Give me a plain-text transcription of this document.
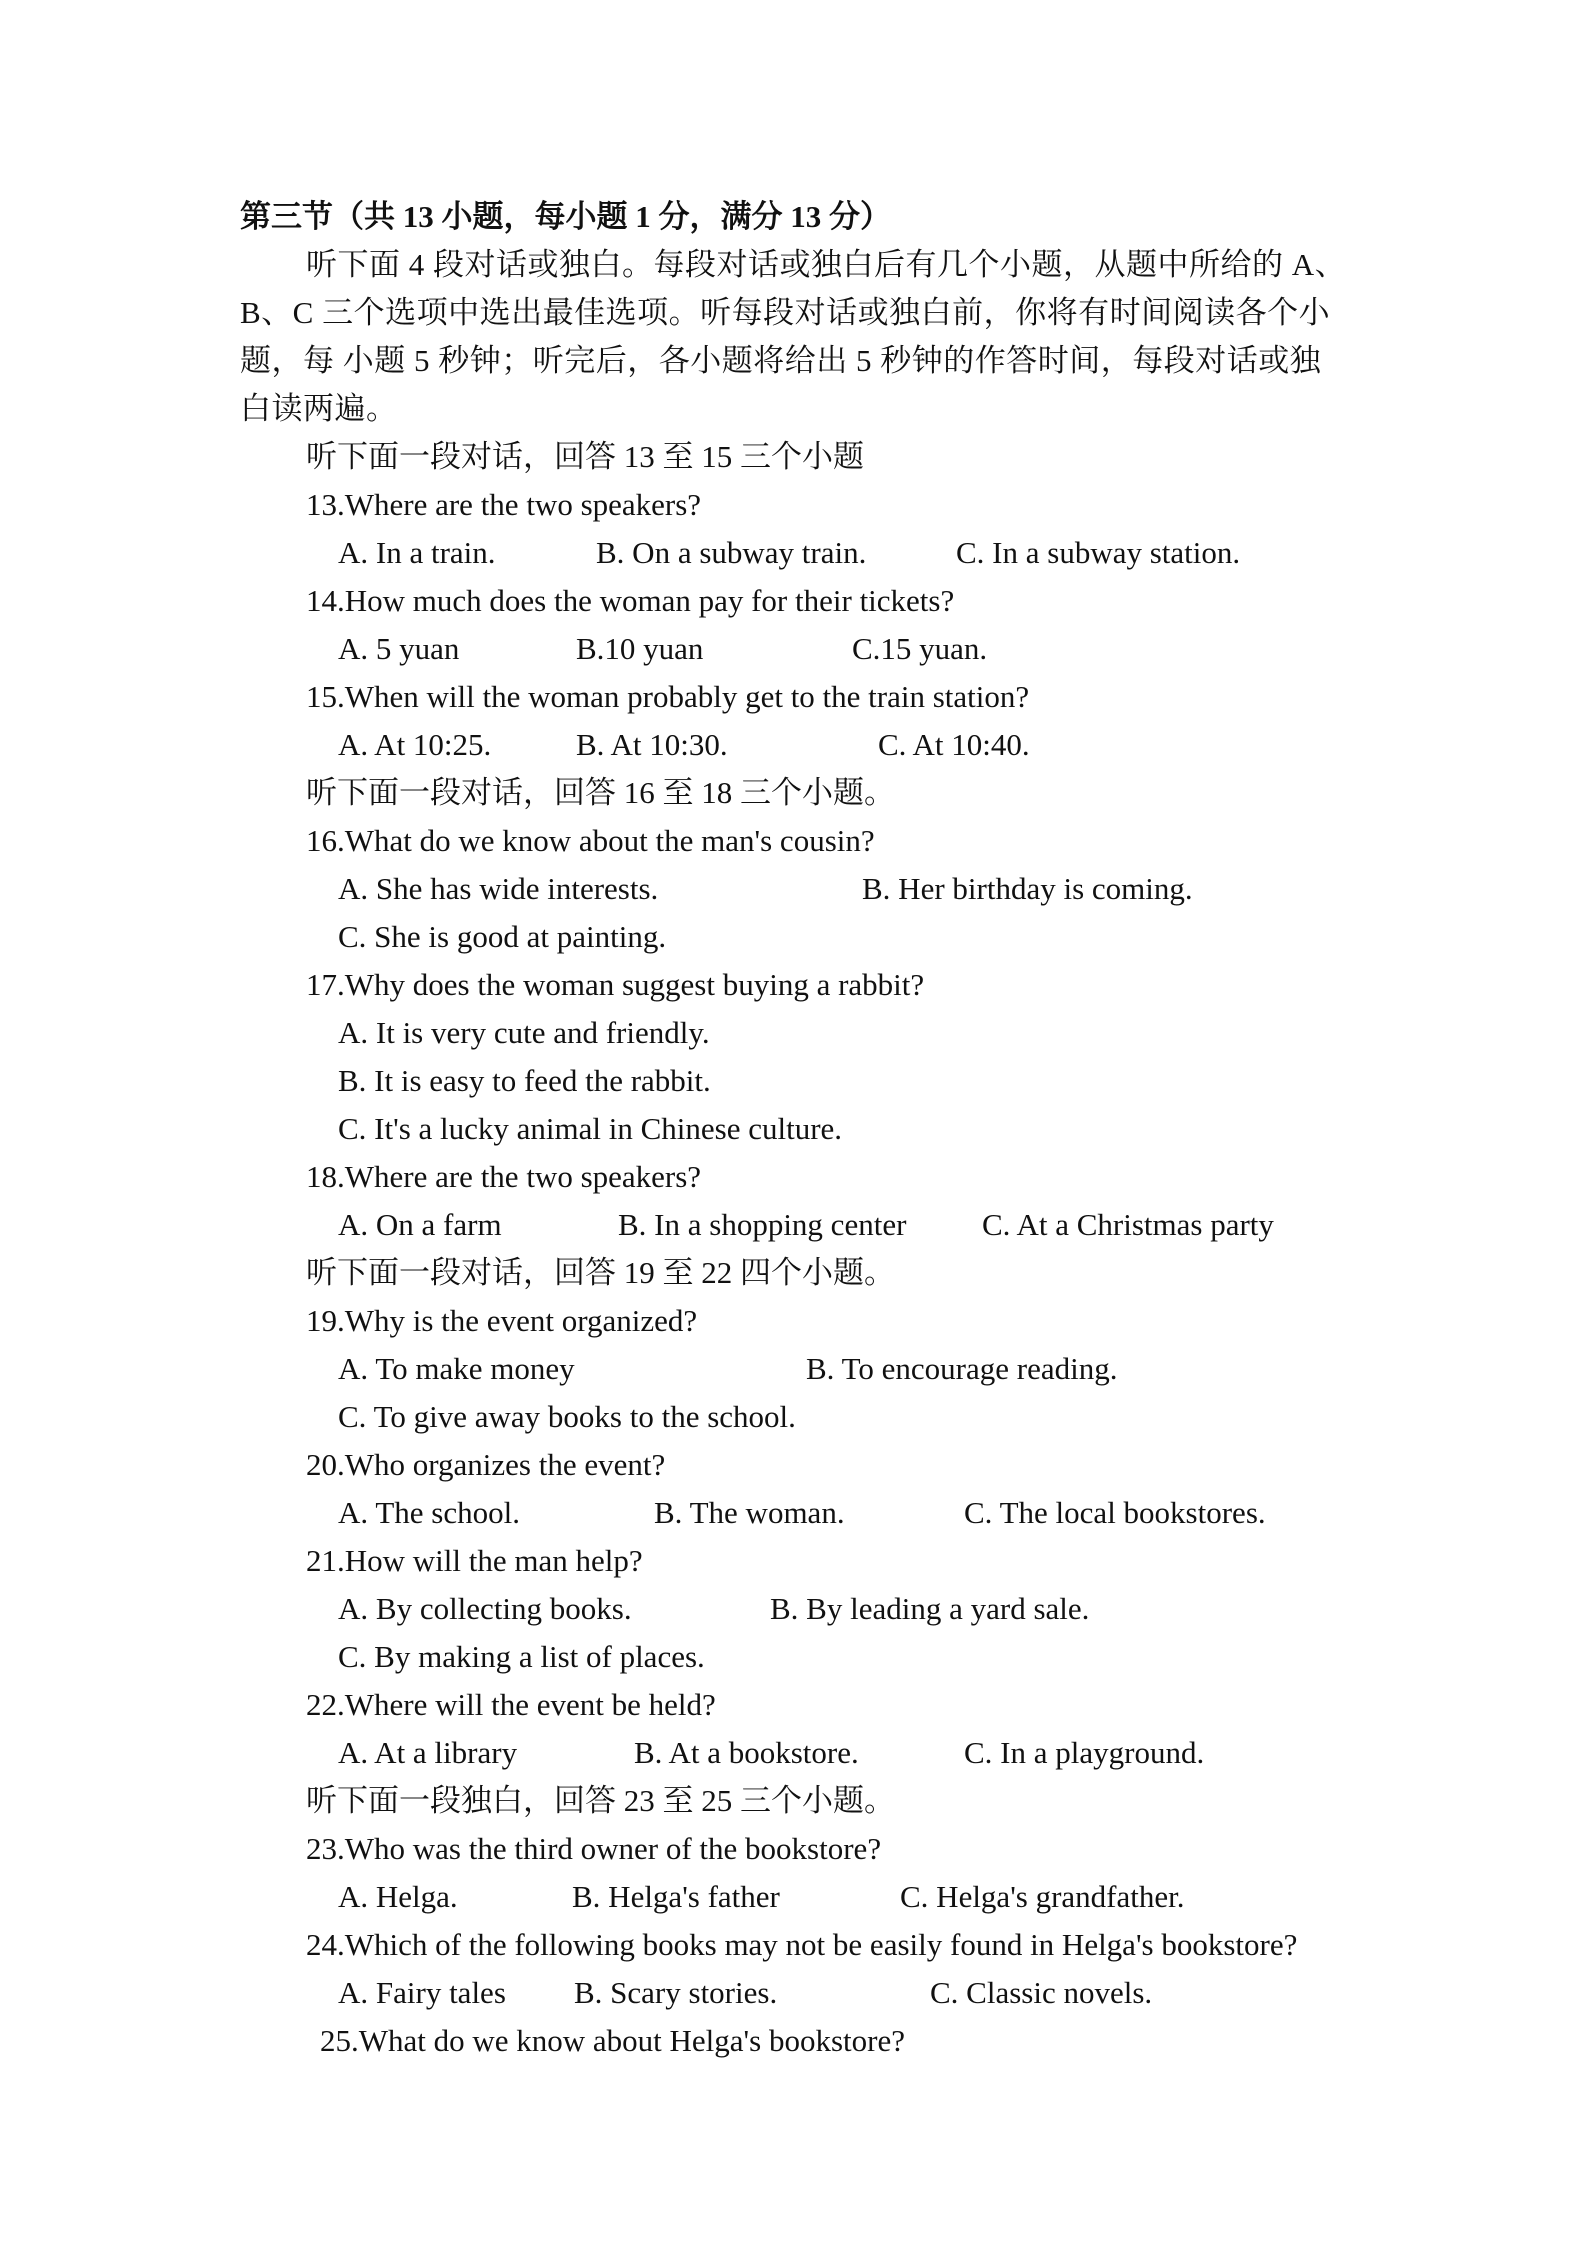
第三节（共 13 小题，每小题 1 分，满分 13 分）
听下面 4 段对话或独白。每段对话或独白后有几个小题，从题中所给的 A、
B、C 三个选项中选出最佳选项。听每段对话或独白前，你将有时间阅读各个小
题，每 小题 5 秒钟；听完后，各小题将给出 5 秒钟的作答时间，每段对话或独
白读两遍。
听下面一段对话，回答 13 至 15 三个小题
13.Where are the two speakers?
A. In a train.	B. On a subway train.	C. In a subway station.
14.How much does the woman pay for their tickets?
A. 5 yuan	B.10 yuan	C.15 yuan.
15.When will the woman probably get to the train station?
A. At 10:25.	B. At 10:30.	C. At 10:40.
听下面一段对话，回答 16 至 18 三个小题。
16.What do we know about the man's cousin?
A. She has wide interests.	B. Her birthday is coming.
C. She is good at painting.
17.Why does the woman suggest buying a rabbit?
A. It is very cute and friendly.
B. It is easy to feed the rabbit.
C. It's a lucky animal in Chinese culture.
18.Where are the two speakers?
A. On a farm	B. In a shopping center C. At a Christmas party
听下面一段对话，回答 19 至 22 四个小题。
19.Why is the event organized?
A. To make money	B. To encourage reading.
C. To give away books to the school.
20.Who organizes the event?
A. The school.	B. The woman.	C. The local bookstores.
21.How will the man help?
A. By collecting books.	B. By leading a yard sale.
C. By making a list of places.
22.Where will the event be held?
A. At a library	B. At a bookstore.	C. In a playground.
听下面一段独白，回答 23 至 25 三个小题。
23.Who was the third owner of the bookstore?
A. Helga.	B. Helga's father	C. Helga's grandfather.
24.Which of the following books may not be easily found in Helga's bookstore?
A. Fairy tales B. Scary stories.	C. Classic novels.
25.What do we know about Helga's bookstore?
